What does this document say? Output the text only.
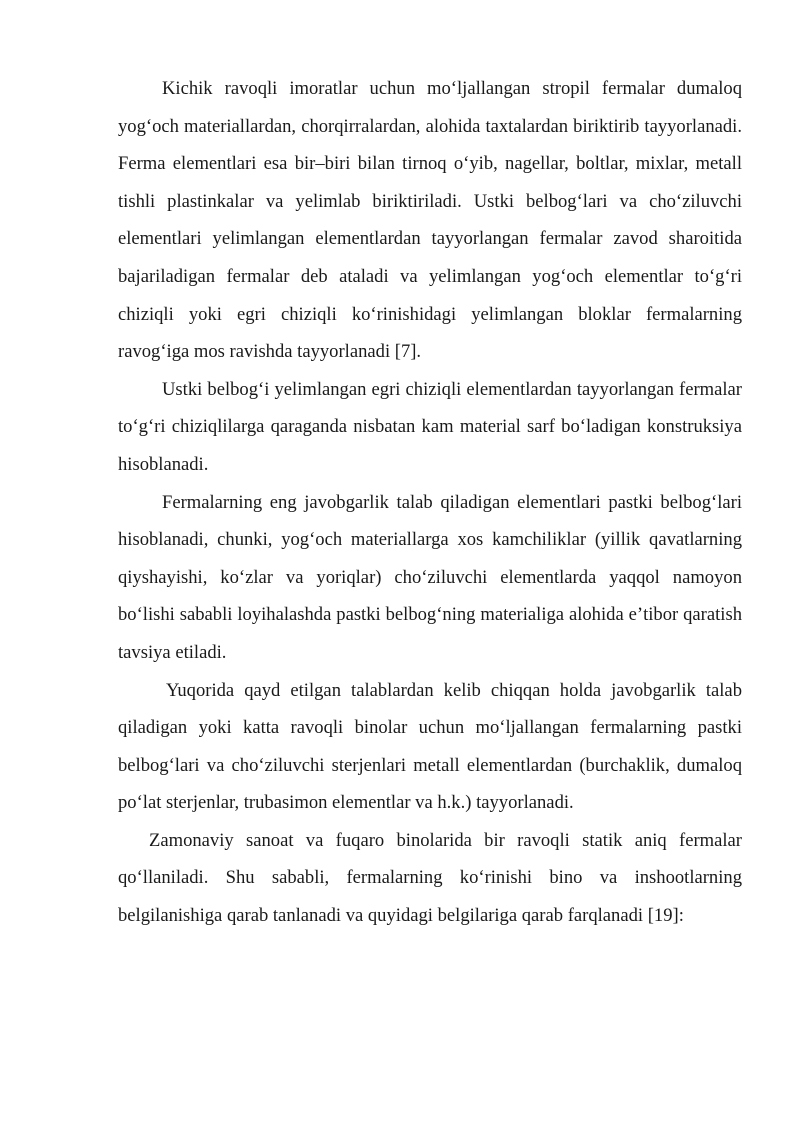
Kichik ravoqli imoratlar uchun moʻljallangan stropil fermalar dumaloq yogʻoch materiallardan, chorqirralardan, alohida taxtalardan biriktirib tayyorlanadi. Ferma elementlari esa bir–biri bilan tirnoq oʻyib, nagellar, boltlar, mixlar, metall tishli plastinkalar va yelimlab biriktiriladi. Ustki belbogʻlari va choʻziluvchi elementlari yelimlangan elementlardan tayyorlangan fermalar zavod sharoitida bajariladigan fermalar deb ataladi va yelimlangan yogʻoch elementlar toʻgʻri chiziqli yoki egri chiziqli koʻrinishidagi yelimlangan bloklar fermalarning ravogʻiga mos ravishda tayyorlanadi [7].

Ustki belbogʻi yelimlangan egri chiziqli elementlardan tayyorlangan fermalar toʻgʻri chiziqlilarga qaraganda nisbatan kam material sarf boʻladigan konstruksiya hisoblanadi.

Fermalarning eng javobgarlik talab qiladigan elementlari pastki belbogʻlari hisoblanadi, chunki, yogʻoch materiallarga xos kamchiliklar (yillik qavatlarning qiyshayishi, koʻzlar va yoriqlar) choʻziluvchi elementlarda yaqqol namoyon boʻlishi sababli loyihalashda pastki belbogʻning materialiga alohida eʼtibor qaratish tavsiya etiladi.

Yuqorida qayd etilgan talablardan kelib chiqqan holda javobgarlik talab qiladigan yoki katta ravoqli binolar uchun moʻljallangan fermalarning pastki belbogʻlari va choʻziluvchi sterjenlari metall elementlardan (burchaklik, dumaloq poʻlat sterjenlar, trubasimon elementlar va h.k.) tayyorlanadi.

Zamonaviy sanoat va fuqaro binolarida bir ravoqli statik aniq fermalar qoʻllaniladi. Shu sababli, fermalarning koʻrinishi bino va inshootlarning belgilanishiga qarab tanlanadi va quyidagi belgilariga qarab farqlanadi [19]:
